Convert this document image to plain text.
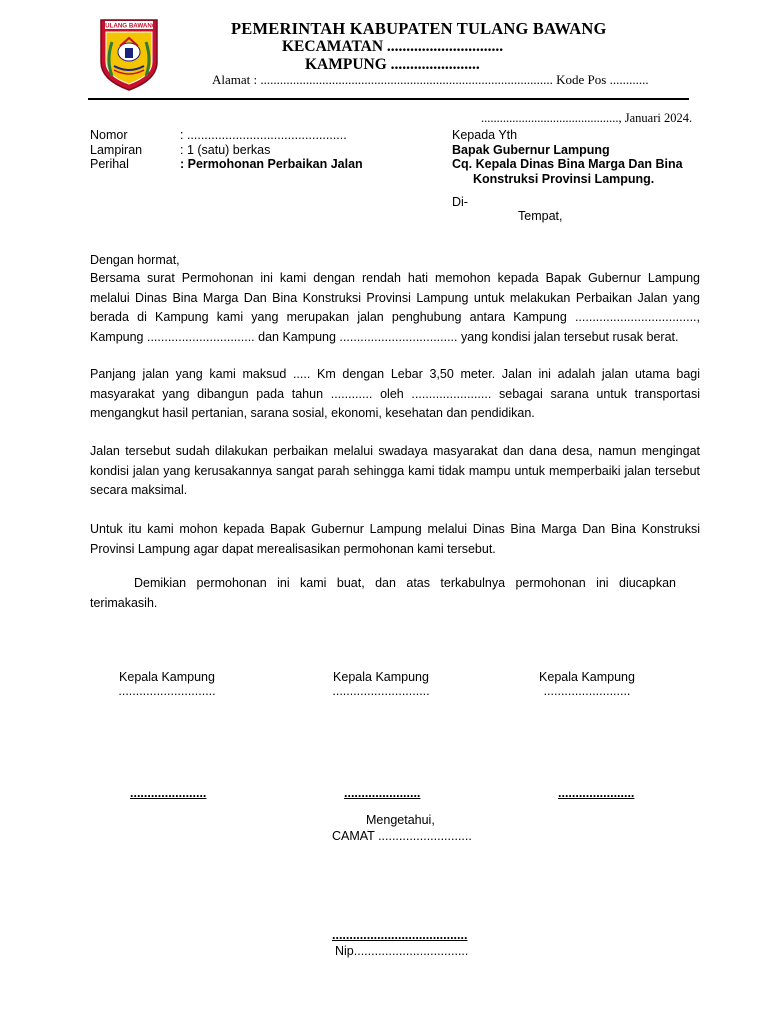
TULANG BAWANG	PEMERINTAH KABUPATEN TULANG BAWANG
KECAMATAN ..............................
KAMPUNG .......................
Alamat : .......................................................................................... Kode Pos ............
............................................, Januari 2024.
Nomor	: ..............................................
Lampiran	: 1 (satu) berkas
Perihal	: Permohonan Perbaikan Jalan
Kepada Yth
Bapak Gubernur Lampung
Cq. Kepala Dinas Bina Marga Dan Bina
Konstruksi Provinsi Lampung.
Di-
Tempat,
Dengan hormat,
Bersama surat Permohonan ini kami dengan rendah hati memohon kepada Bapak Gubernur Lampung melalui Dinas Bina Marga Dan Bina Konstruksi Provinsi Lampung untuk melakukan Perbaikan Jalan yang berada di Kampung kami yang merupakan jalan penghubung antara Kampung ..................................., Kampung ............................... dan Kampung .................................. yang kondisi jalan tersebut rusak berat.
Panjang jalan yang kami maksud ..... Km dengan Lebar 3,50 meter. Jalan ini adalah jalan utama bagi masyarakat yang dibangun pada tahun ............ oleh ....................... sebagai sarana untuk transportasi mengangkut hasil pertanian, sarana sosial, ekonomi, kesehatan dan pendidikan.
Jalan tersebut sudah dilakukan perbaikan melalui swadaya masyarakat dan dana desa, namun mengingat kondisi jalan yang kerusakannya sangat parah sehingga kami tidak mampu untuk memperbaiki jalan tersebut secara maksimal.
Untuk itu kami mohon kepada Bapak Gubernur Lampung melalui Dinas Bina Marga Dan Bina Konstruksi Provinsi Lampung agar dapat merealisasikan permohonan kami tersebut.
Demikian permohonan ini kami buat, dan atas terkabulnya permohonan ini diucapkan terimakasih.
Kepala Kampung
............................
Kepala Kampung
............................
Kepala Kampung
.........................
......................	......................	......................
Mengetahui,
CAMAT ...........................
.......................................
Nip.................................
